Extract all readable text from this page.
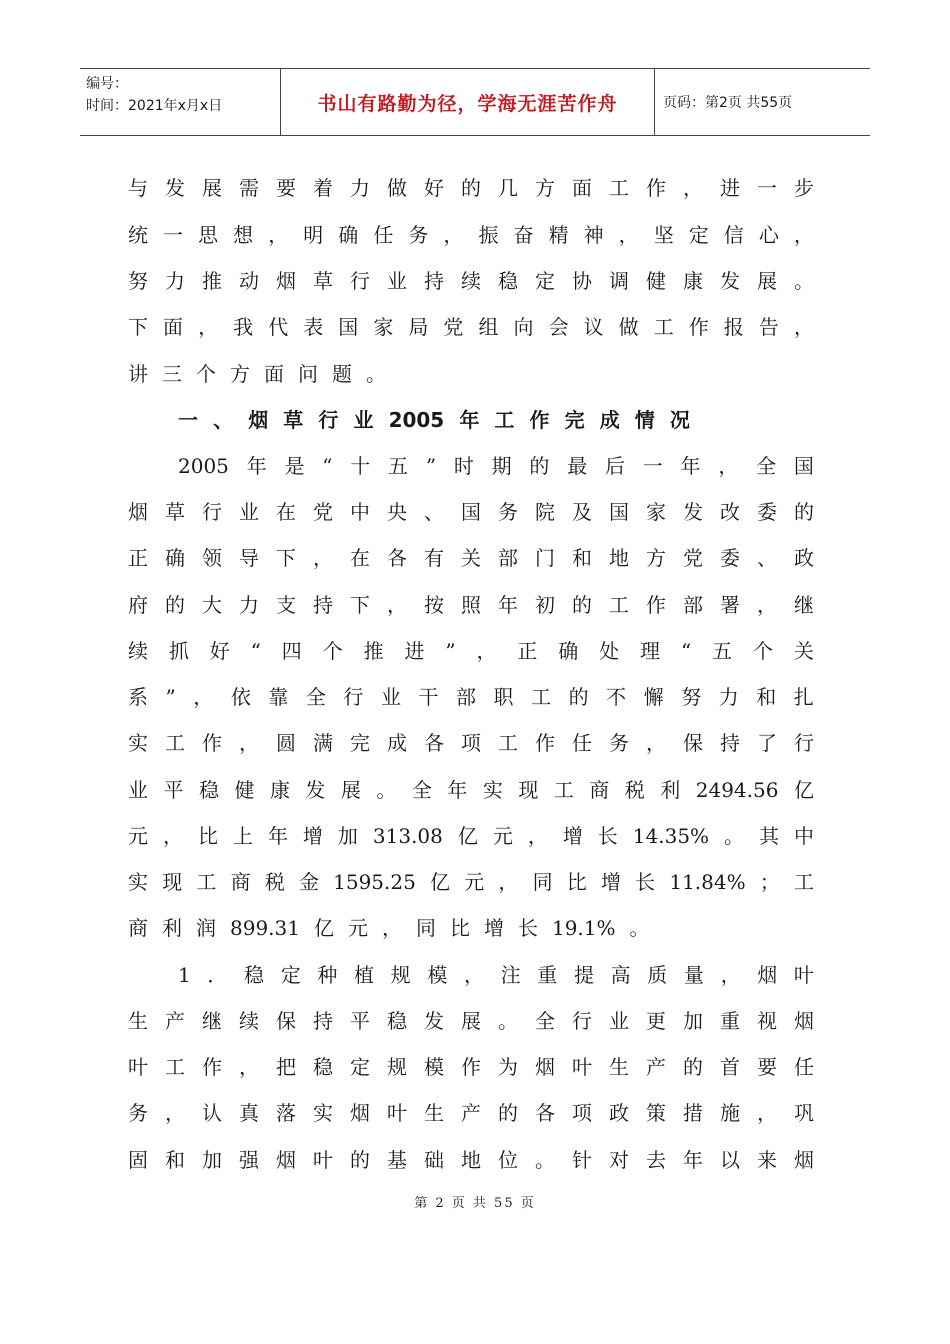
编号：
时间：2021年x月x日	书山有路勤为径，学海无涯苦作舟	页码：第2页 共55页
与 发 展 需 要 着 力 做 好 的 几 方 面 工 作 ， 进 一 步
统 一 思 想 ， 明 确 任 务 ， 振 奋 精 神 ， 坚 定 信 心 ，
努 力 推 动 烟 草 行 业 持 续 稳 定 协 调 健 康 发 展 。
下 面 ， 我 代 表 国 家 局 党 组 向 会 议 做 工 作 报 告 ，
讲 三 个 方 面 问 题 。
一 、 烟 草 行 业 2005 年 工 作 完 成 情 况
2005 年 是 “ 十 五 ” 时 期 的 最 后 一 年 ， 全 国
烟 草 行 业 在 党 中 央 、 国 务 院 及 国 家 发 改 委 的
正 确 领 导 下 ， 在 各 有 关 部 门 和 地 方 党 委 、 政
府 的 大 力 支 持 下 ， 按 照 年 初 的 工 作 部 署 ， 继
续 抓 好 “ 四 个 推 进 ” ， 正 确 处 理 “ 五 个 关
系 ” ， 依 靠 全 行 业 干 部 职 工 的 不 懈 努 力 和 扎
实 工 作 ， 圆 满 完 成 各 项 工 作 任 务 ， 保 持 了 行
业 平 稳 健 康 发 展 。 全 年 实 现 工 商 税 利 2494.56 亿
元 ， 比 上 年 增 加 313.08 亿 元 ， 增 长 14.35% 。 其 中
实 现 工 商 税 金 1595.25 亿 元 ， 同 比 增 长 11.84% ； 工
商 利 润 899.31 亿 元 ， 同 比 增 长 19.1% 。
1 ． 稳 定 种 植 规 模 ， 注 重 提 高 质 量 ， 烟 叶
生 产 继 续 保 持 平 稳 发 展 。 全 行 业 更 加 重 视 烟
叶 工 作 ， 把 稳 定 规 模 作 为 烟 叶 生 产 的 首 要 任
务 ， 认 真 落 实 烟 叶 生 产 的 各 项 政 策 措 施 ， 巩
固 和 加 强 烟 叶 的 基 础 地 位 。 针 对 去 年 以 来 烟
第 2 页 共 55 页
